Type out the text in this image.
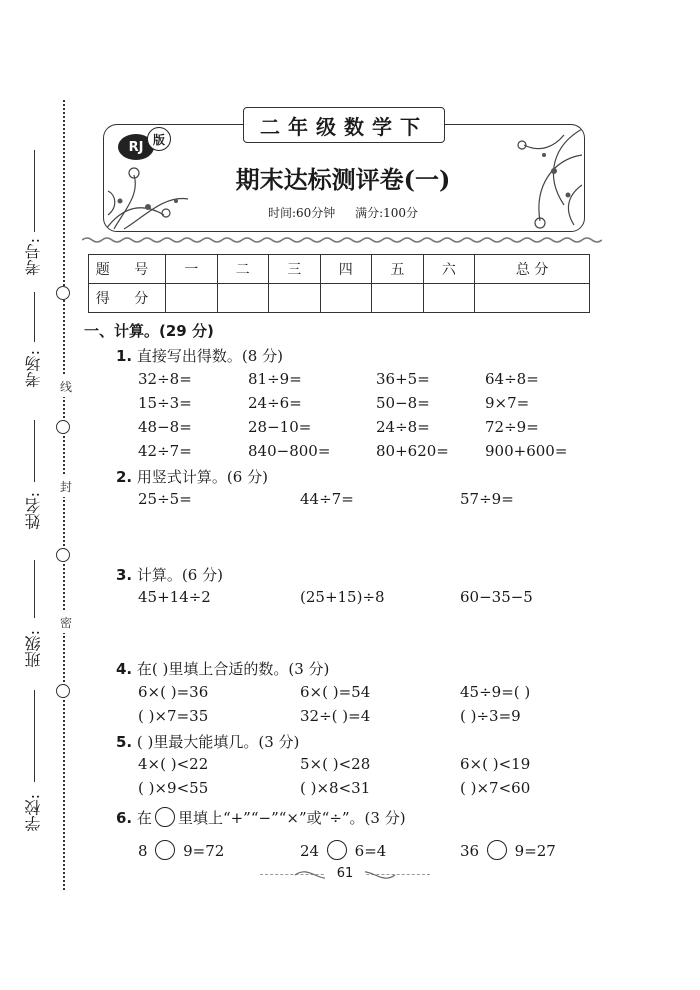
线
封
密
考号:
考场:
姓名:
班级:
学校:
二年级数学下
RJ 版
期末达标测评卷(一)
时间:60分钟 满分:100分
题 号	一	二	三	四	五	六	总 分
得 分							
一、计算。(29 分)
1. 直接写出得数。(8 分)
32÷8=	81÷9=	36+5=	64÷8=
15÷3=	24÷6=	50−8=	9×7=
48−8=	28−10=	24÷8=	72÷9=
42÷7=	840−800=	80+620= 900+600=
2. 用竖式计算。(6 分)
25÷5=	44÷7=	57÷9=
3. 计算。(6 分)
45+14÷2	(25+15)÷8	60−35−5
4. 在( )里填上合适的数。(3 分)
6×( )=36	6×( )=54	45÷9=( )
( )×7=35	32÷( )=4	( )÷3=9
5. ( )里最大能填几。(3 分)
4×( )<22	5×( )<28	6×( )<19
( )×9<55	( )×8<31	( )×7<60
6. 在 里填上“+”“−”“×”或“÷”。(3 分)
8 9=72	24 6=4	36 9=27
61
